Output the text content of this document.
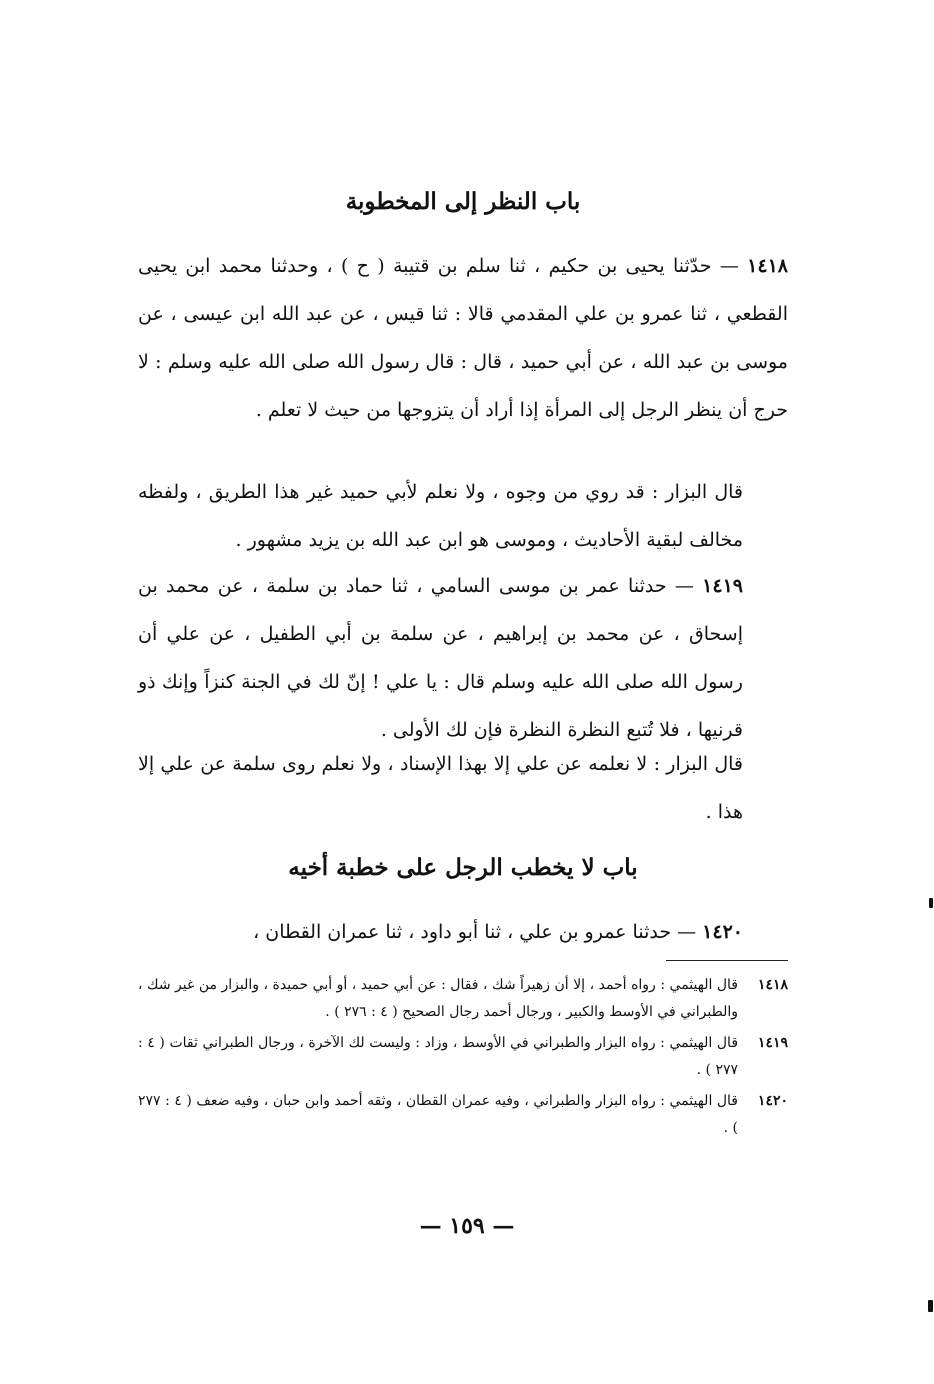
باب النظر إلى المخطوبة

١٤١٨ — حدّثنا يحيى بن حكيم ، ثنا سلم بن قتيبة ( ح ) ، وحدثنا محمد ابن يحيى القطعي ، ثنا عمرو بن علي المقدمي قالا : ثنا قيس ، عن عبد الله ابن عيسى ، عن موسى بن عبد الله ، عن أبي حميد ، قال : قال رسول الله صلى الله عليه وسلم : لا حرج أن ينظر الرجل إلى المرأة إذا أراد أن يتزوجها من حيث لا تعلم .

قال البزار : قد روي من وجوه ، ولا نعلم لأبي حميد غير هذا الطريق ، ولفظه مخالف لبقية الأحاديث ، وموسى هو ابن عبد الله بن يزيد مشهور .

١٤١٩ — حدثنا عمر بن موسى السامي ، ثنا حماد بن سلمة ، عن محمد بن إسحاق ، عن محمد بن إبراهيم ، عن سلمة بن أبي الطفيل ، عن علي أن رسول الله صلى الله عليه وسلم قال : يا علي ! إنّ لك في الجنة كنزاً وإنك ذو قرنيها ، فلا تُتبع النظرة النظرة فإن لك الأولى .

قال البزار : لا نعلمه عن علي إلا بهذا الإسناد ، ولا نعلم روى سلمة عن علي إلا هذا .

باب لا يخطب الرجل على خطبة أخيه

١٤٢٠ — حدثنا عمرو بن علي ، ثنا أبو داود ، ثنا عمران القطان ،

١٤١٨
قال الهيثمي : رواه أحمد ، إلا أن زهيراً شك ، فقال : عن أبي حميد ، أو أبي حميدة ، والبزار من غير شك ، والطبراني في الأوسط والكبير ، ورجال أحمد رجال الصحيح ( ٤ : ٢٧٦ ) .

١٤١٩
قال الهيثمي : رواه البزار والطبراني في الأوسط ، وزاد : وليست لك الآخرة ، ورجال الطبراني ثقات ( ٤ : ٢٧٧ ) .

١٤٢٠
قال الهيثمي : رواه البزار والطبراني ، وفيه عمران القطان ، وثقه أحمد وابن حبان ، وفيه ضعف ( ٤ : ٢٧٧ ) .

— ١٥٩ —
